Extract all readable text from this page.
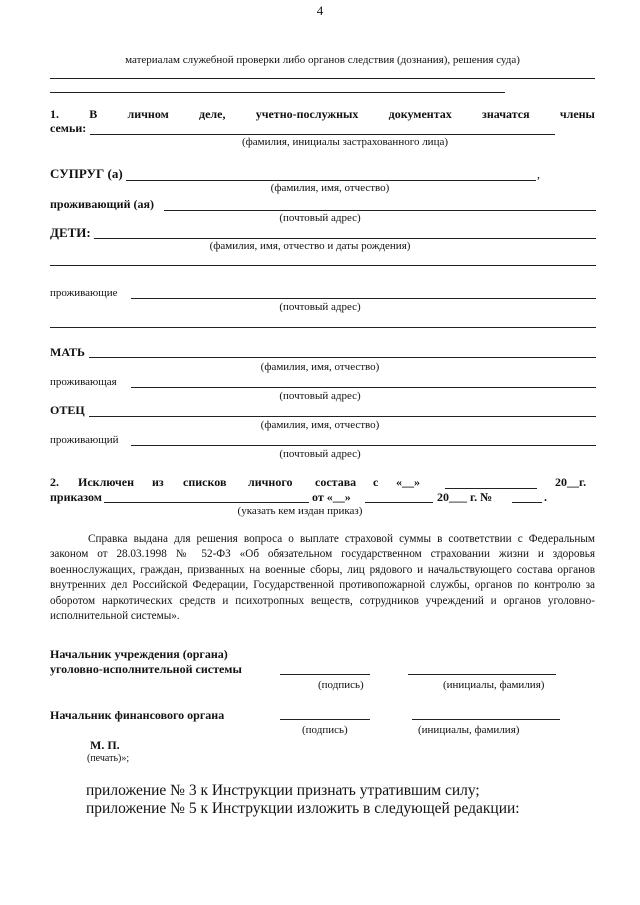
4
материалам служебной проверки либо органов следствия (дознания), решения суда)
1.	В	личном	деле,	учетно-послужных	документах	значатся	члены
семьи:
(фамилия, инициалы застрахованного лица)
СУПРУГ (а)	,
(фамилия, имя, отчество)
проживающий (ая)
(почтовый адрес)
ДЕТИ:
(фамилия, имя, отчество и даты рождения)
проживающие
(почтовый адрес)
МАТЬ
(фамилия, имя, отчество)
проживающая
(почтовый адрес)
ОТЕЦ
(фамилия, имя, отчество)
проживающий
(почтовый адрес)
2. Исключен из списков личного состава с «__»	20__г.
приказом	от «__»	20___ г. №	.
(указать кем издан приказ)
Справка выдана для решения вопроса о выплате страховой суммы в соответствии с Федеральным законом от 28.03.1998 № 52-ФЗ «Об обязательном государственном страховании жизни и здоровья военнослужащих, граждан, призванных на военные сборы, лиц рядового и начальствующего состава органов внутренних дел Российской Федерации, Государственной противопожарной службы, органов по контролю за оборотом наркотических средств и психотропных веществ, сотрудников учреждений и органов уголовно-исполнительной системы».
Начальник учреждения (органа)
уголовно-исполнительной системы
(подпись)	(инициалы, фамилия)
Начальник финансового органа
(подпись)	(инициалы, фамилия)
М. П.
(печать)»;
приложение № 3 к Инструкции признать утратившим силу;
приложение № 5 к Инструкции изложить в следующей редакции:
